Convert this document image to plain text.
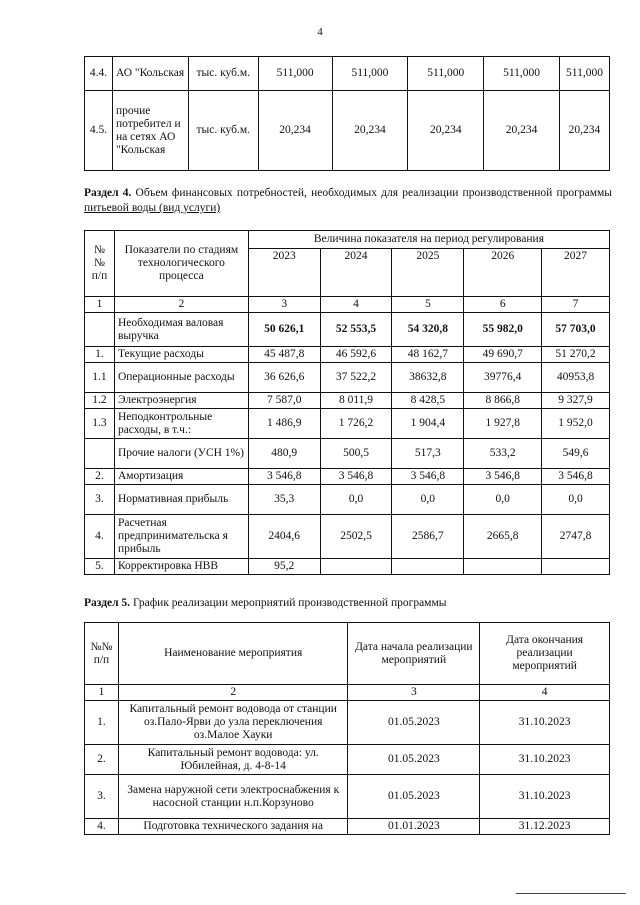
4
4.4.	АО "Кольская	тыс. куб.м.	511,000	511,000	511,000	511,000	511,000
4.5.	прочие потребител и на сетях АО "Кольская	тыс. куб.м.	20,234	20,234	20,234	20,234	20,234
Раздел 4. Объем финансовых потребностей, необходимых для реализации производственной программы питьевой воды (вид услуги)
№ № п/п	Показатели по стадиям технологического процесса	Величина показателя на период регулирования				
		2023	2024	2025	2026	2027
1	2	3	4	5	6	7
	Необходимая валовая выручка	50 626,1	52 553,5	54 320,8	55 982,0	57 703,0
1.	Текущие расходы	45 487,8	46 592,6	48 162,7	49 690,7	51 270,2
1.1	Операционные расходы	36 626,6	37 522,2	38632,8	39776,4	40953,8
1.2	Электроэнергия	7 587,0	8 011,9	8 428,5	8 866,8	9 327,9
1.3	Неподконтрольные расходы, в т.ч.:	1 486,9	1 726,2	1 904,4	1 927,8	1 952,0
	Прочие налоги (УСН 1%)	480,9	500,5	517,3	533,2	549,6
2.	Амортизация	3 546,8	3 546,8	3 546,8	3 546,8	3 546,8
3.	Нормативная прибыль	35,3	0,0	0,0	0,0	0,0
4.	Расчетная предпринимательска я прибыль	2404,6	2502,5	2586,7	2665,8	2747,8
5.	Корректировка НВВ	95,2				
Раздел 5. График реализации мероприятий производственной программы
№№ п/п	Наименование мероприятия	Дата начала реализации мероприятий	Дата окончания реализации мероприятий
1	2	3	4
1.	Капитальный ремонт водовода от станции оз.Пало-Ярви до узла переключения оз.Малое Хауки	01.05.2023	31.10.2023
2.	Капитальный ремонт водовода: ул. Юбилейная, д. 4-8-14	01.05.2023	31.10.2023
3.	Замена наружной сети электроснабжения к насосной станции н.п.Корзуново	01.05.2023	31.10.2023
4.	Подготовка технического задания на	01.01.2023	31.12.2023
